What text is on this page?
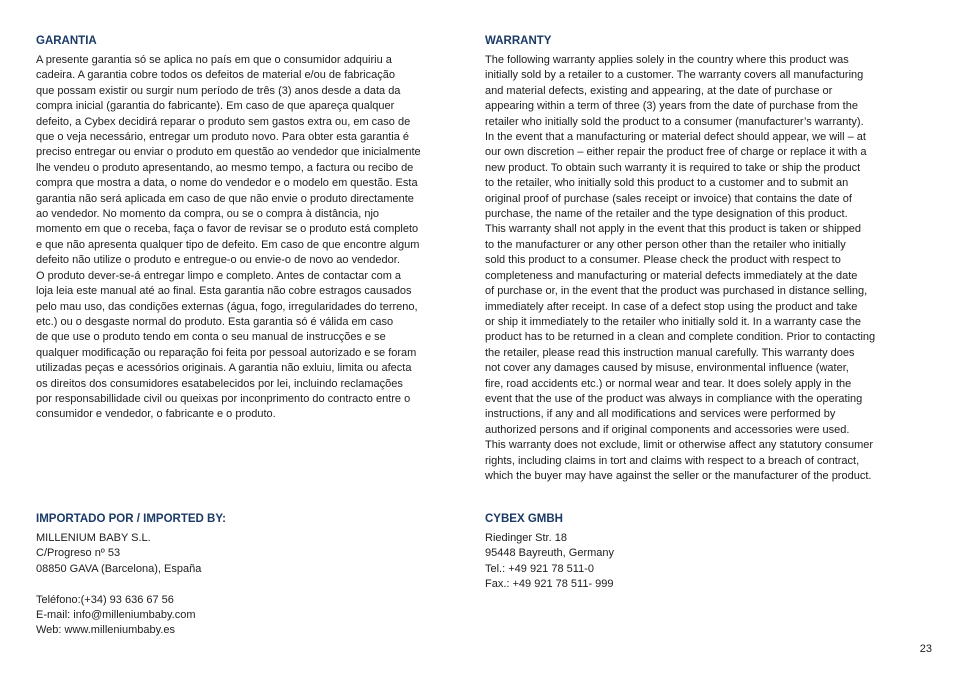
GARANTIA
A presente garantia só se aplica no país em que o consumidor adquiriu a
cadeira. A garantia cobre todos os defeitos de material e/ou de fabricação
que possam existir ou surgir num período de três (3) anos desde a data da
compra inicial (garantia do fabricante). Em caso de que apareça qualquer
defeito, a Cybex decidirá reparar o produto sem gastos extra ou, em caso de
que o veja necessário, entregar um produto novo. Para obter esta garantia é
preciso entregar ou enviar o produto em questão ao vendedor que inicialmente
lhe vendeu o produto apresentando, ao mesmo tempo, a factura ou recibo de
compra que mostra a data, o nome do vendedor e o modelo em questão. Esta
garantia não será aplicada em caso de que não envie o produto directamente
ao vendedor. No momento da compra, ou se o compra à distância, njo
momento em que o receba, faça o favor de revisar se o produto está completo
e que não apresenta qualquer tipo de defeito. Em caso de que encontre algum
defeito não utilize o produto e entregue-o ou envie-o de novo ao vendedor.
O produto dever-se-á entregar limpo e completo. Antes de contactar com a
loja leia este manual até ao final. Esta garantia não cobre estragos causados
pelo mau uso, das condições externas (água, fogo, irregularidades do terreno,
etc.) ou o desgaste normal do produto. Esta garantia só é válida em caso
de que use o produto tendo em conta o seu manual de instrucções e se
qualquer modificação ou reparação foi feita por pessoal autorizado e se foram
utilizadas peças e acessórios originais. A garantia não exluiu, limita ou afecta
os direitos dos consumidores esatabelecidos por lei, incluindo reclamações
por responsabillidade civil ou queixas por inconprimento do contracto entre o
consumidor e vendedor, o fabricante e o produto.
WARRANTY
The following warranty applies solely in the country where this product was
initially sold by a retailer to a customer. The warranty covers all manufacturing
and material defects, existing and appearing, at the date of purchase or
appearing within a term of three (3) years from the date of purchase from the
retailer who initially sold the product to a consumer (manufacturer’s warranty).
In the event that a manufacturing or material defect should appear, we will – at
our own discretion – either repair the product free of charge or replace it with a
new product. To obtain such warranty it is required to take or ship the product
to the retailer, who initially sold this product to a customer and to submit an
original proof of purchase (sales receipt or invoice) that contains the date of
purchase, the name of the retailer and the type designation of this product.
This warranty shall not apply in the event that this product is taken or shipped
to the manufacturer or any other person other than the retailer who initially
sold this product to a consumer. Please check the product with respect to
completeness and manufacturing or material defects immediately at the date
of purchase or, in the event that the product was purchased in distance selling,
immediately after receipt. In case of a defect stop using the product and take
or ship it immediately to the retailer who initially sold it. In a warranty case the
product has to be returned in a clean and complete condition. Prior to contacting
the retailer, please read this instruction manual carefully. This warranty does
not cover any damages caused by misuse, environmental influence (water,
fire, road accidents etc.) or normal wear and tear. It does solely apply in the
event that the use of the product was always in compliance with the operating
instructions, if any and all modifications and services were performed by
authorized persons and if original components and accessories were used.
This warranty does not exclude, limit or otherwise affect any statutory consumer
rights, including claims in tort and claims with respect to a breach of contract,
which the buyer may have against the seller or the manufacturer of the product.
IMPORTADO POR / IMPORTED BY:
MILLENIUM BABY S.L.
C/Progreso nº 53
08850 GAVA (Barcelona), España
Teléfono:(+34) 93 636 67 56
E-mail: info@milleniumbaby.com
Web: www.milleniumbaby.es
CYBEX GMBH
Riedinger Str. 18
95448 Bayreuth, Germany
Tel.: +49 921 78 511-0
Fax.: +49 921 78 511- 999
23
